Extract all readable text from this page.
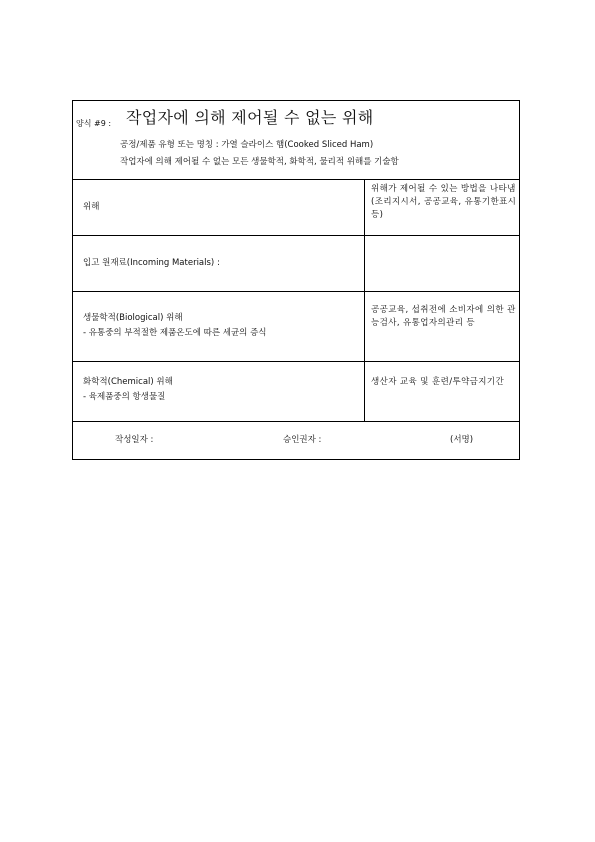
양식 #9 : 작업자에 의해 제어될 수 없는 위해
공정/제품 유형 또는 명칭 : 가열 슬라이스 햄(Cooked Sliced Ham)
작업자에 의해 제어될 수 없는 모든 생물학적, 화학적, 물리적 위해를 기술함
위해
위해가 제어될 수 있는 방법을 나타냄(조리지시서, 공공교육, 유통기한표시 등)
입고 원재료(Incoming Materials) :
생물학적(Biological) 위해
- 유통중의 부적절한 제품온도에 따른 세균의 증식
공공교육, 섭취전에 소비자에 의한 관능검사, 유통업자의관리 등
화학적(Chemical) 위해
- 육제품중의 항생물질
생산자 교육 및 훈련/투약금지기간
작성일자 :	승인권자 :	(서명)
